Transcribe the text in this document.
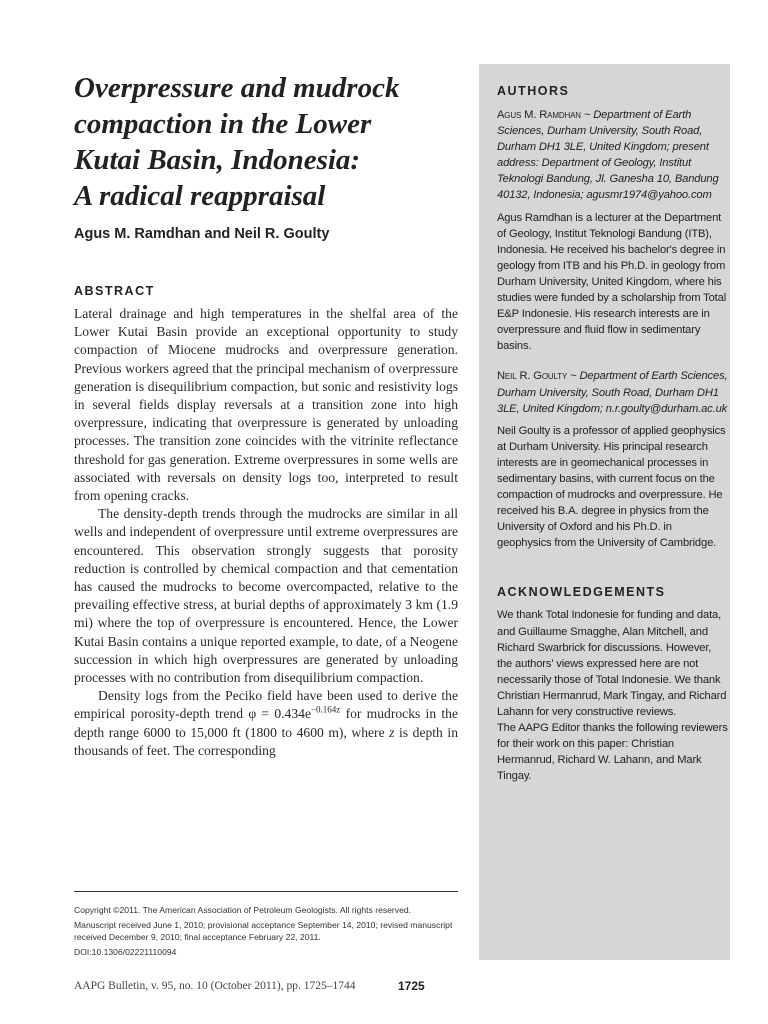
Overpressure and mudrock
compaction in the Lower
Kutai Basin, Indonesia:
A radical reappraisal
Agus M. Ramdhan and Neil R. Goulty
ABSTRACT

Lateral drainage and high temperatures in the shelfal area of the Lower Kutai Basin provide an exceptional opportunity to study compaction of Miocene mudrocks and overpressure generation. Previous workers agreed that the principal mechanism of overpressure generation is disequilibrium compaction, but sonic and resistivity logs in several fields display reversals at a transition zone into high overpressure, indicating that overpressure is generated by unloading processes. The transition zone coincides with the vitrinite reflectance threshold for gas generation. Extreme overpressures in some wells are associated with reversals on density logs too, interpreted to result from opening cracks.

The density-depth trends through the mudrocks are similar in all wells and independent of overpressure until extreme overpressures are encountered. This observation strongly suggests that porosity reduction is controlled by chemical compaction and that cementation has caused the mudrocks to become overcompacted, relative to the prevailing effective stress, at burial depths of approximately 3 km (1.9 mi) where the top of overpressure is encountered. Hence, the Lower Kutai Basin contains a unique reported example, to date, of a Neogene succession in which high overpressures are generated by unloading processes with no contribution from disequilibrium compaction.

Density logs from the Peciko field have been used to derive the empirical porosity-depth trend $\varphi = 0.434e^{-0.164z}$ for mudrocks in the depth range 6000 to 15,000 ft (1800 to 4600 m), where z is depth in thousands of feet. The corresponding

Copyright ©2011. The American Association of Petroleum Geologists. All rights reserved.
Manuscript received June 1, 2010; provisional acceptance September 14, 2010; revised manuscript received December 9, 2010; final acceptance February 22, 2011.
DOI:10.1306/02221110094
AAPG Bulletin, v. 95, no. 10 (October 2011), pp. 1725–1744	1725
AUTHORS
Agus M. Ramdhan ~ Department of Earth Sciences, Durham University, South Road, Durham DH1 3LE, United Kingdom; present address: Department of Geology, Institut Teknologi Bandung, Jl. Ganesha 10, Bandung 40132, Indonesia; agusmr1974@yahoo.com
Agus Ramdhan is a lecturer at the Department of Geology, Institut Teknologi Bandung (ITB), Indonesia. He received his bachelor's degree in geology from ITB and his Ph.D. in geology from Durham University, United Kingdom, where his studies were funded by a scholarship from Total E&P Indonesie. His research interests are in overpressure and fluid flow in sedimentary basins.
Neil R. Goulty ~ Department of Earth Sciences, Durham University, South Road, Durham DH1 3LE, United Kingdom; n.r.goulty@durham.ac.uk
Neil Goulty is a professor of applied geophysics at Durham University. His principal research interests are in geomechanical processes in sedimentary basins, with current focus on the compaction of mudrocks and overpressure. He received his B.A. degree in physics from the University of Oxford and his Ph.D. in geophysics from the University of Cambridge.
ACKNOWLEDGEMENTS

We thank Total Indonesie for funding and data, and Guillaume Smagghe, Alan Mitchell, and Richard Swarbrick for discussions. However, the authors' views expressed here are not necessarily those of Total Indonesie. We thank Christian Hermanrud, Mark Tingay, and Richard Lahann for very constructive reviews.

The AAPG Editor thanks the following reviewers for their work on this paper: Christian Hermanrud, Richard W. Lahann, and Mark Tingay.
